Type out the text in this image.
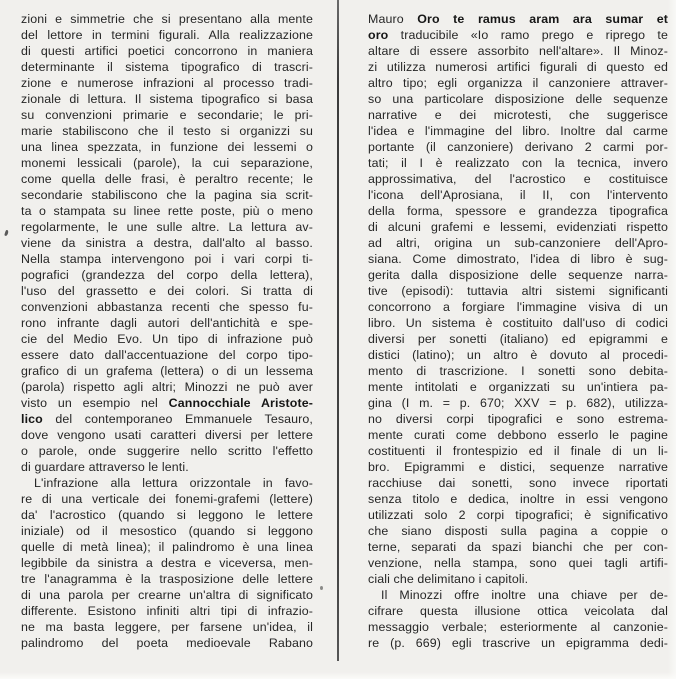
zioni e simmetrie che si presentano alla mente
del lettore in termini figurali. Alla realizzazione
di questi artifici poetici concorrono in maniera
determinante il sistema tipografico di trascri-
zione e numerose infrazioni al processo tradi-
zionale di lettura. Il sistema tipografico si basa
su convenzioni primarie e secondarie; le pri-
marie stabiliscono che il testo si organizzi su
una linea spezzata, in funzione dei lessemi o
monemi lessicali (parole), la cui separazione,
come quella delle frasi, è peraltro recente; le
secondarie stabiliscono che la pagina sia scrit-
ta o stampata su linee rette poste, più o meno
regolarmente, le une sulle altre. La lettura av-
viene da sinistra a destra, dall'alto al basso.
Nella stampa intervengono poi i vari corpi ti-
pografici (grandezza del corpo della lettera),
l'uso del grassetto e dei colori. Si tratta di
convenzioni abbastanza recenti che spesso fu-
rono infrante dagli autori dell'antichità e spe-
cie del Medio Evo. Un tipo di infrazione può
essere dato dall'accentuazione del corpo tipo-
grafico di un grafema (lettera) o di un lessema
(parola) rispetto agli altri; Minozzi ne può aver
visto un esempio nel Cannocchiale Aristote-
lico del contemporaneo Emmanuele Tesauro,
dove vengono usati caratteri diversi per lettere
o parole, onde suggerire nello scritto l'effetto
di guardare attraverso le lenti.
L'infrazione alla lettura orizzontale in favo-
re di una verticale dei fonemi-grafemi (lettere)
da' l'acrostico (quando si leggono le lettere
iniziale) od il mesostico (quando si leggono
quelle di metà linea); il palindromo è una linea
legibbile da sinistra a destra e viceversa, men-
tre l'anagramma è la trasposizione delle lettere
di una parola per crearne un'altra di significato
differente. Esistono infiniti altri tipi di infrazio-
ne ma basta leggere, per farsene un'idea, il
palindromo del poeta medioevale Rabano
Mauro Oro te ramus aram ara sumar et
oro traducibile «Io ramo prego e riprego te
altare di essere assorbito nell'altare». Il Minoz-
zi utilizza numerosi artifici figurali di questo ed
altro tipo; egli organizza il canzoniere attraver-
so una particolare disposizione delle sequenze
narrative e dei microtesti, che suggerisce
l'idea e l'immagine del libro. Inoltre dal carme
portante (il canzoniere) derivano 2 carmi por-
tati; il I è realizzato con la tecnica, invero
approssimativa, del l'acrostico e costituisce
l'icona dell'Aprosiana, il II, con l'intervento
della forma, spessore e grandezza tipografica
di alcuni grafemi e lessemi, evidenziati rispetto
ad altri, origina un sub-canzoniere dell'Apro-
siana. Come dimostrato, l'idea di libro è sug-
gerita dalla disposizione delle sequenze narra-
tive (episodi): tuttavia altri sistemi significanti
concorrono a forgiare l'immagine visiva di un
libro. Un sistema è costituito dall'uso di codici
diversi per sonetti (italiano) ed epigrammi e
distici (latino); un altro è dovuto al procedi-
mento di trascrizione. I sonetti sono debita-
mente intitolati e organizzati su un'intiera pa-
gina (I m. = p. 670; XXV = p. 682), utilizza-
no diversi corpi tipografici e sono estrema-
mente curati come debbono esserlo le pagine
costituenti il frontespizio ed il finale di un li-
bro. Epigrammi e distici, sequenze narrative
racchiuse dai sonetti, sono invece riportati
senza titolo e dedica, inoltre in essi vengono
utilizzati solo 2 corpi tipografici; è significativo
che siano disposti sulla pagina a coppie o
terne, separati da spazi bianchi che per con-
venzione, nella stampa, sono quei tagli artifi-
ciali che delimitano i capitoli.
Il Minozzi offre inoltre una chiave per de-
cifrare questa illusione ottica veicolata dal
messaggio verbale; esteriormente al canzonie-
re (p. 669) egli trascrive un epigramma dedi-
